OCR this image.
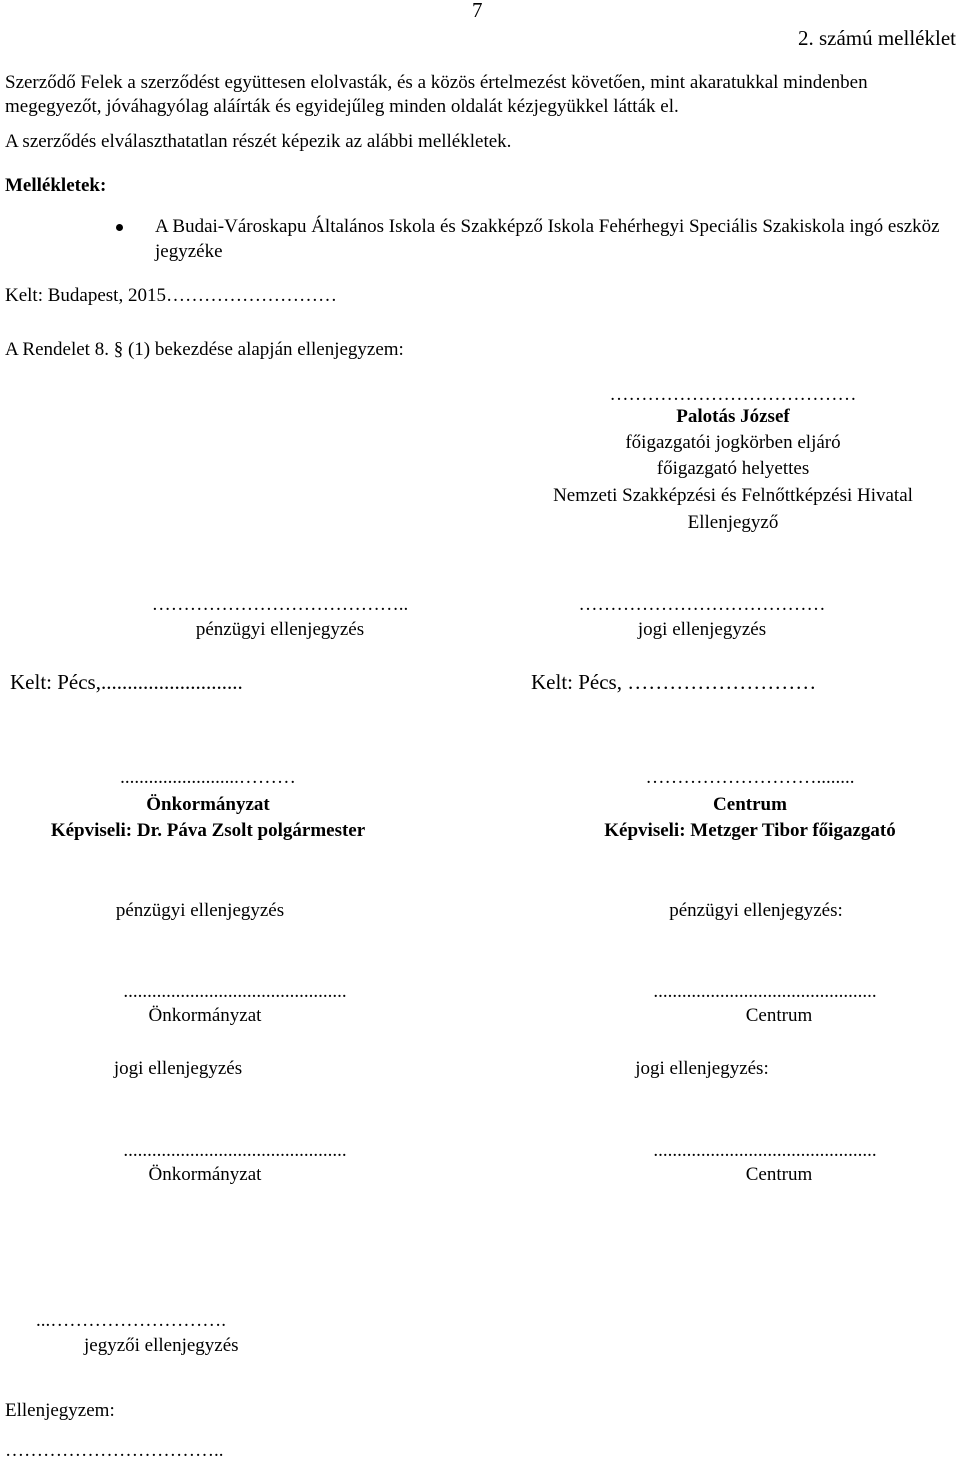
7
2. számú melléklet
Szerződő Felek a szerződést együttesen elolvasták, és a közös értelmezést követően, mint akaratukkal mindenben megegyezőt, jóváhagyólag aláírták és egyidejűleg minden oldalát kézjegyükkel látták el.
A szerződés elválaszthatatlan részét képezik az alábbi mellékletek.
Mellékletek:
A Budai-Városkapu Általános Iskola és Szakképző Iskola Fehérhegyi Speciális Szakiskola ingó eszköz jegyzéke
Kelt: Budapest, 2015………………………
A Rendelet 8. § (1) bekezdése alapján ellenjegyzem:
…………………………………
Palotás József
főigazgatói jogkörben eljáró
főigazgató helyettes
Nemzeti Szakképzési és Felnőttképzési Hivatal
Ellenjegyző
…………………………………..
pénzügyi ellenjegyzés
Kelt: Pécs,...........................
…………………………………
jogi ellenjegyzés
Kelt: Pécs, ………………………
.........................………
Önkormányzat
Képviseli: Dr. Páva Zsolt polgármester
………………………........
Centrum
Képviseli: Metzger Tibor főigazgató
pénzügyi ellenjegyzés	pénzügyi ellenjegyzés:
...............................................
Önkormányzat
...............................................
Centrum
jogi ellenjegyzés	jogi ellenjegyzés:
...............................................
Önkormányzat
...............................................
Centrum
...……………………….
jegyzői ellenjegyzés
Ellenjegyzem:
……………………………..
